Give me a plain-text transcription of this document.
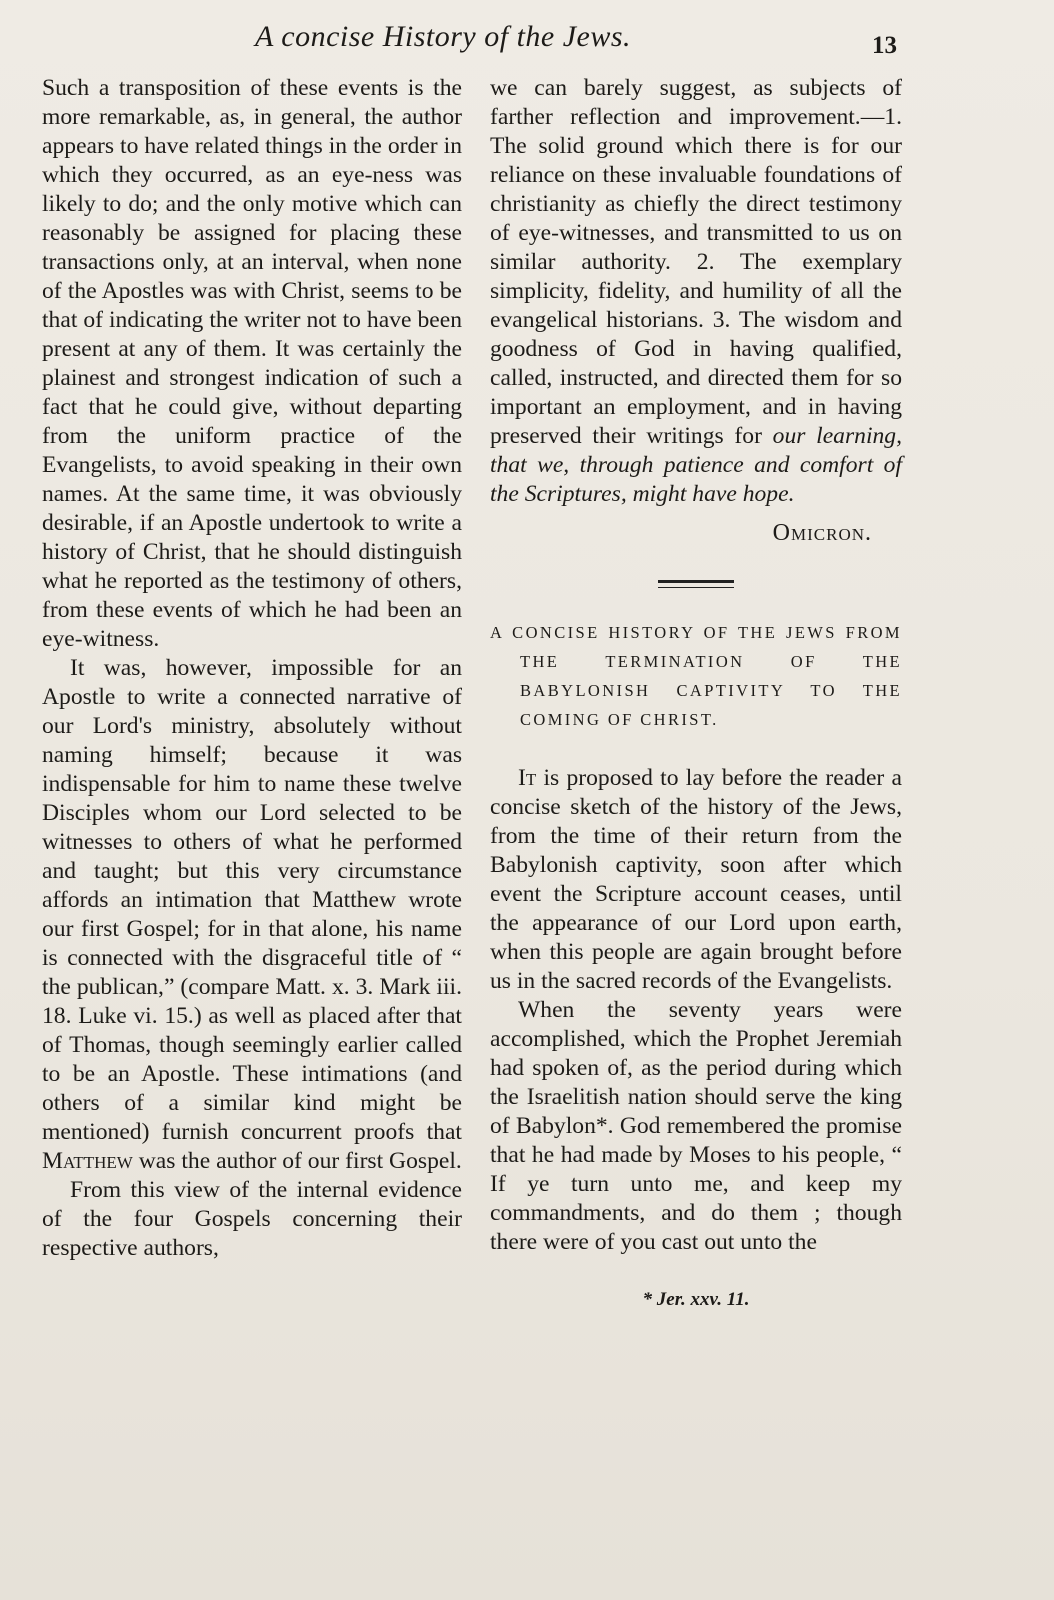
A concise History of the Jews.	13

Such a transposition of these events is the more remarkable, as, in general, the author appears to have related things in the order in which they occurred, as an eye-ness was likely to do; and the only motive which can reasonably be assigned for placing these transactions only, at an interval, when none of the Apostles was with Christ, seems to be that of indicating the writer not to have been present at any of them. It was certainly the plainest and strongest indication of such a fact that he could give, without departing from the uniform practice of the Evangelists, to avoid speaking in their own names. At the same time, it was obviously desirable, if an Apostle undertook to write a history of Christ, that he should distinguish what he reported as the testimony of others, from these events of which he had been an eye-witness.

It was, however, impossible for an Apostle to write a connected narrative of our Lord's ministry, absolutely without naming himself; because it was indispensable for him to name these twelve Disciples whom our Lord selected to be witnesses to others of what he performed and taught; but this very circumstance affords an intimation that Matthew wrote our first Gospel; for in that alone, his name is connected with the disgraceful title of “ the publican,” (compare Matt. x. 3. Mark iii. 18. Luke vi. 15.) as well as placed after that of Thomas, though seemingly earlier called to be an Apostle. These intimations (and others of a similar kind might be mentioned) furnish concurrent proofs that Matthew was the author of our first Gospel.

From this view of the internal evidence of the four Gospels concerning their respective authors,

we can barely suggest, as subjects of farther reflection and improvement.—1. The solid ground which there is for our reliance on these invaluable foundations of christianity as chiefly the direct testimony of eye-witnesses, and transmitted to us on similar authority. 2. The exemplary simplicity, fidelity, and humility of all the evangelical historians. 3. The wisdom and goodness of God in having qualified, called, instructed, and directed them for so important an employment, and in having preserved their writings for our learning, that we, through patience and comfort of the Scriptures, might have hope.

Omicron.

A CONCISE HISTORY OF THE JEWS FROM THE TERMINATION OF THE BABYLONISH CAPTIVITY TO THE COMING OF CHRIST.

It is proposed to lay before the reader a concise sketch of the history of the Jews, from the time of their return from the Babylonish captivity, soon after which event the Scripture account ceases, until the appearance of our Lord upon earth, when this people are again brought before us in the sacred records of the Evangelists.

When the seventy years were accomplished, which the Prophet Jeremiah had spoken of, as the period during which the Israelitish nation should serve the king of Babylon*. God remembered the promise that he had made by Moses to his people, “ If ye turn unto me, and keep my commandments, and do them ; though there were of you cast out unto the

* Jer. xxv. 11.
